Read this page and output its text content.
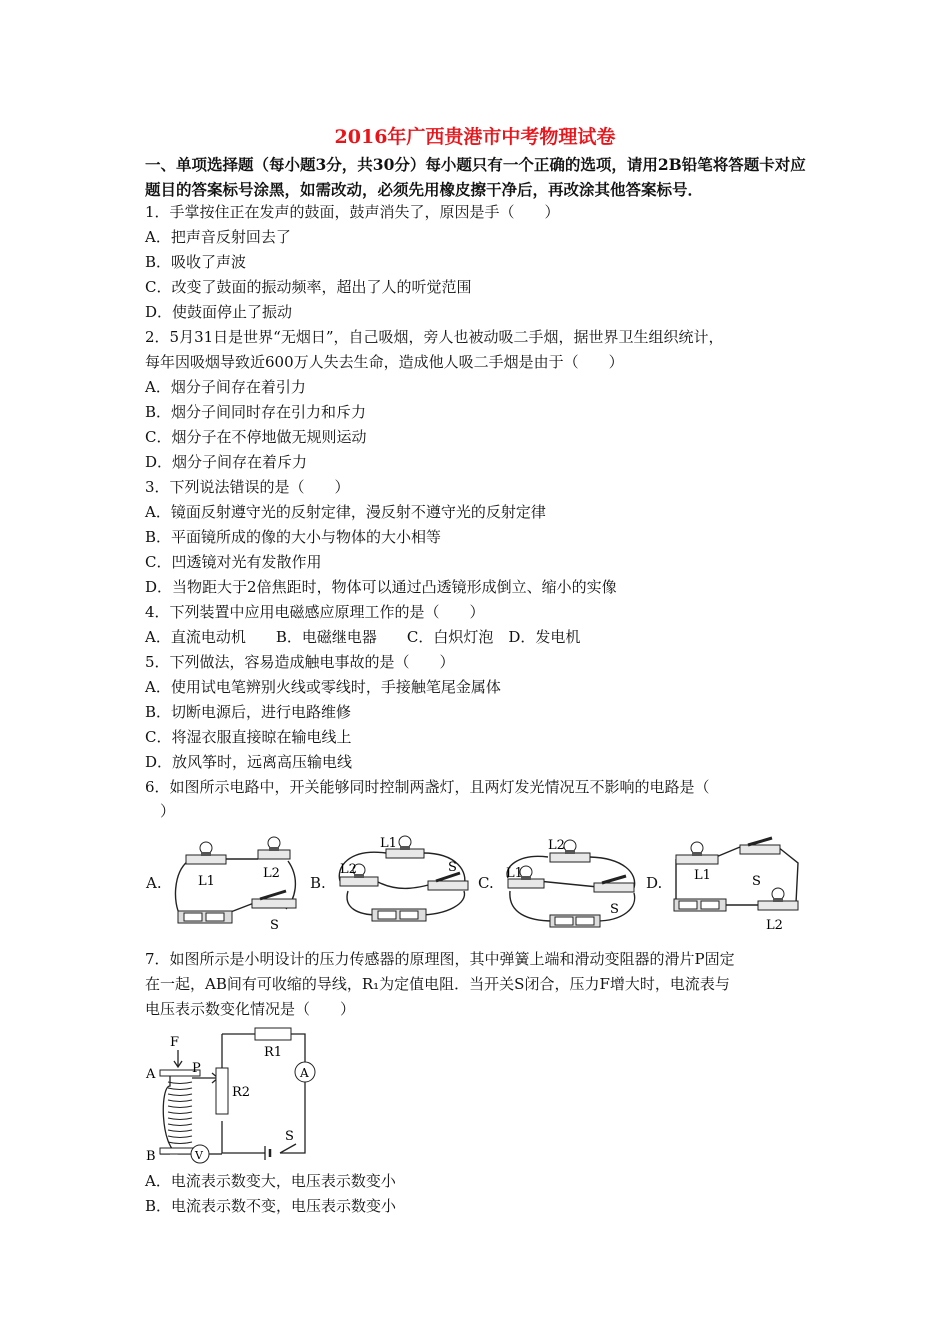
2016年广西贵港市中考物理试卷
一、单项选择题（每小题3分，共30分）每小题只有一个正确的选项，请用2B铅笔将答题卡对应题目的答案标号涂黑，如需改动，必须先用橡皮擦干净后，再改涂其他答案标号．
1．手掌按住正在发声的鼓面，鼓声消失了，原因是手（　　）
A．把声音反射回去了
B．吸收了声波
C．改变了鼓面的振动频率，超出了人的听觉范围
D．使鼓面停止了振动
2．5月31日是世界“无烟日”，自己吸烟，旁人也被动吸二手烟，据世界卫生组织统计，
每年因吸烟导致近600万人失去生命，造成他人吸二手烟是由于（　　）
A．烟分子间存在着引力
B．烟分子间同时存在引力和斥力
C．烟分子在不停地做无规则运动
D．烟分子间存在着斥力
3．下列说法错误的是（　　）
A．镜面反射遵守光的反射定律，漫反射不遵守光的反射定律
B．平面镜所成的像的大小与物体的大小相等
C．凹透镜对光有发散作用
D．当物距大于2倍焦距时，物体可以通过凸透镜形成倒立、缩小的实像
4．下列装置中应用电磁感应原理工作的是（　　）
A．直流电动机　　B．电磁继电器　　C．白炽灯泡　D．发电机
5．下列做法，容易造成触电事故的是（　　）
A．使用试电笔辨别火线或零线时，手接触笔尾金属体
B．切断电源后，进行电路维修
C．将湿衣服直接晾在输电线上
D．放风筝时，远离高压输电线
6．如图所示电路中，开关能够同时控制两盏灯，且两灯发光情况互不影响的电路是（
）
A.	B.	C.	D.
L1
L2
S
L1
L2	S
L2
L1
S
L1	S
L2
7．如图所示是小明设计的压力传感器的原理图，其中弹簧上端和滑动变阻器的滑片P固定
在一起，AB间有可收缩的导线，R₁为定值电阻．当开关S闭合，压力F增大时，电流表与
电压表示数变化情况是（　　）
F
A	P
B
R1
R2
S
A
V
A．电流表示数变大，电压表示数变小
B．电流表示数不变，电压表示数变小
